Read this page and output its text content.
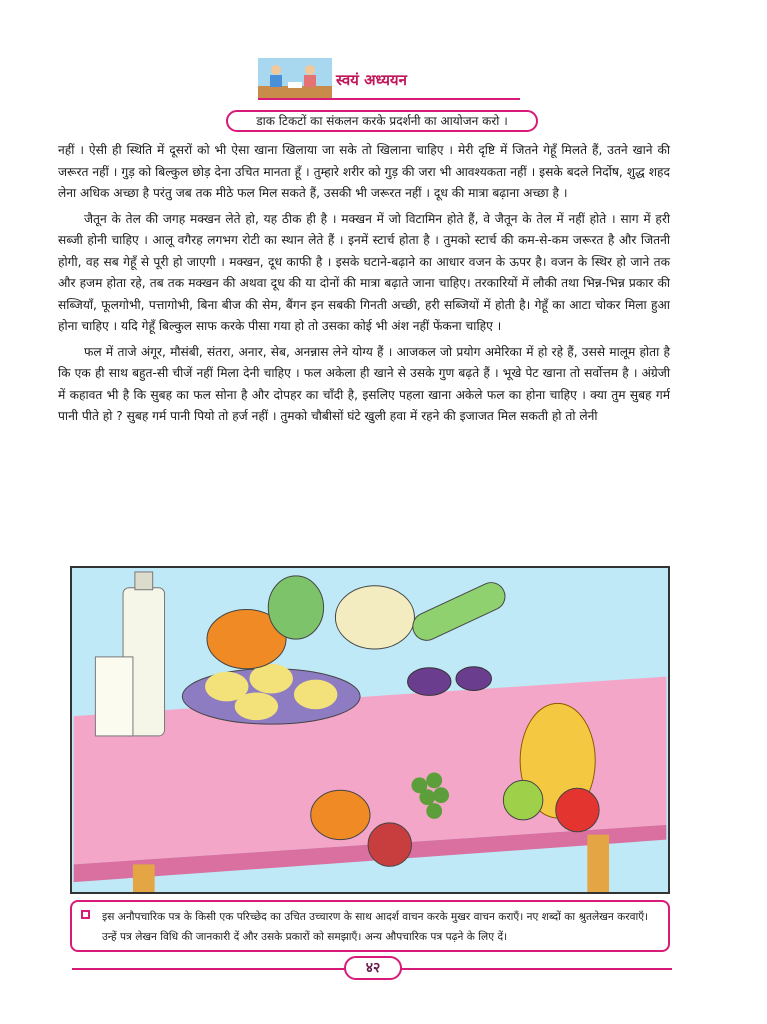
स्वयं अध्ययन
डाक टिकटों का संकलन करके प्रदर्शनी का आयोजन करो ।

नहीं । ऐसी ही स्थिति में दूसरों को भी ऐसा खाना खिलाया जा सके तो खिलाना चाहिए । मेरी दृष्टि में जितने गेहूँ मिलते हैं, उतने खाने की जरूरत नहीं । गुड़ को बिल्कुल छोड़ देना उचित मानता हूँ । तुम्हारे शरीर को गुड़ की जरा भी आवश्यकता नहीं । इसके बदले निर्दोष, शुद्ध शहद लेना अधिक अच्छा है परंतु जब तक मीठे फल मिल सकते हैं, उसकी भी जरूरत नहीं । दूध की मात्रा बढ़ाना अच्छा है ।

जैतून के तेल की जगह मक्खन लेते हो, यह ठीक ही है । मक्खन में जो विटामिन होते हैं, वे जैतून के तेल में नहीं होते । साग में हरी सब्जी होनी चाहिए । आलू वगैरह लगभग रोटी का स्थान लेते हैं । इनमें स्टार्च होता है । तुमको स्टार्च की कम-से-कम जरूरत है और जितनी होगी, वह सब गेहूँ से पूरी हो जाएगी । मक्खन, दूध काफी है । इसके घटाने-बढ़ाने का आधार वजन के ऊपर है। वजन के स्थिर हो जाने तक और हजम होता रहे, तब तक मक्खन की अथवा दूध की या दोनों की मात्रा बढ़ाते जाना चाहिए। तरकारियों में लौकी तथा भिन्न-भिन्न प्रकार की सब्जियाँ, फूलगोभी, पत्तागोभी, बिना बीज की सेम, बैंगन इन सबकी गिनती अच्छी, हरी सब्जियों में होती है। गेहूँ का आटा चोकर मिला हुआ होना चाहिए । यदि गेहूँ बिल्कुल साफ करके पीसा गया हो तो उसका कोई भी अंश नहीं फेंकना चाहिए ।

फल में ताजे अंगूर, मौसंबी, संतरा, अनार, सेब, अनन्नास लेने योग्य हैं । आजकल जो प्रयोग अमेरिका में हो रहे हैं, उससे मालूम होता है कि एक ही साथ बहुत-सी चीजें नहीं मिला देनी चाहिए । फल अकेला ही खाने से उसके गुण बढ़ते हैं । भूखे पेट खाना तो सर्वोत्तम है । अंग्रेजी में कहावत भी है कि सुबह का फल सोना है और दोपहर का चाँदी है, इसलिए पहला खाना अकेले फल का होना चाहिए । क्या तुम सुबह गर्म पानी पीते हो ? सुबह गर्म पानी पियो तो हर्ज नहीं । तुमको चौबीसों घंटे खुली हवा में रहने की इजाजत मिल सकती हो तो लेनी

इस अनौपचारिक पत्र के किसी एक परिच्छेद का उचित उच्चारण के साथ आदर्श वाचन करके मुखर वाचन कराएँ। नए शब्दों का श्रुतलेखन करवाएँ। उन्हें पत्र लेखन विधि की जानकारी दें और उसके प्रकारों को समझाएँ। अन्य औपचारिक पत्र पढ़ने के लिए दें।
४२
